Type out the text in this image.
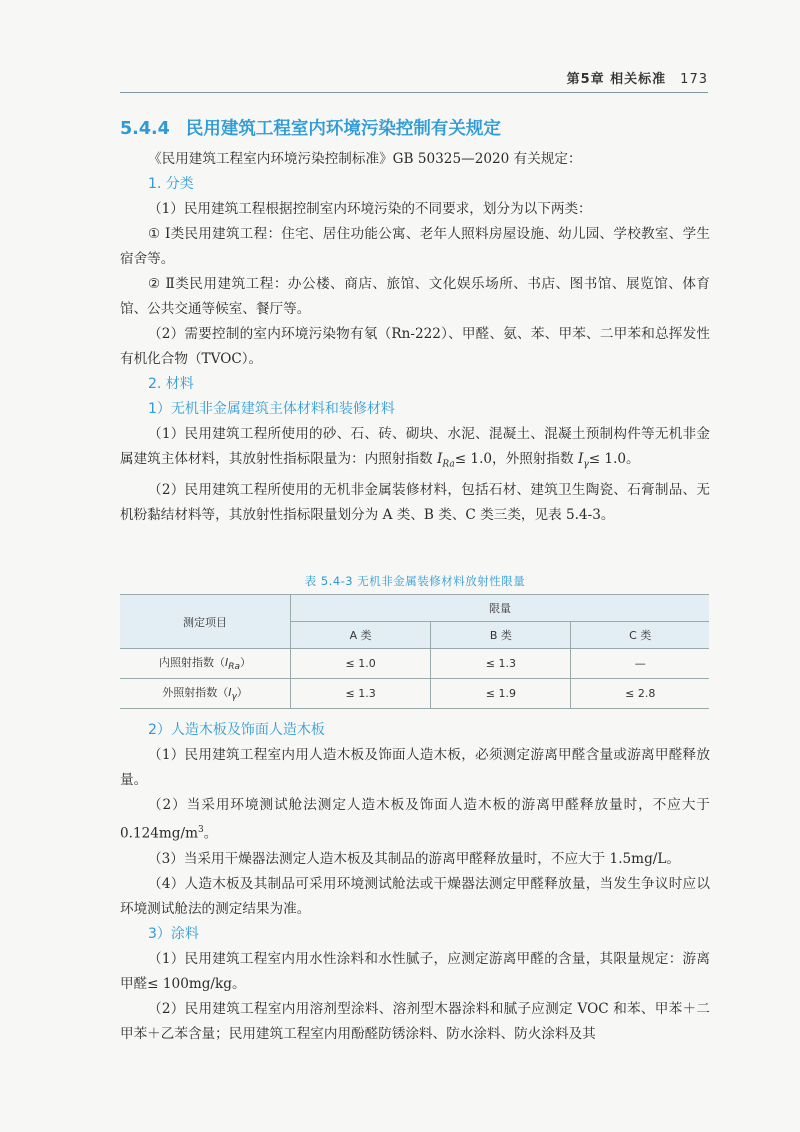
第5章 相关标准 173
5.4.4 民用建筑工程室内环境污染控制有关规定

《民用建筑工程室内环境污染控制标准》GB 50325—2020 有关规定：

1. 分类

（1）民用建筑工程根据控制室内环境污染的不同要求，划分为以下两类：

① Ⅰ类民用建筑工程：住宅、居住功能公寓、老年人照料房屋设施、幼儿园、学校教室、学生宿舍等。

② Ⅱ类民用建筑工程：办公楼、商店、旅馆、文化娱乐场所、书店、图书馆、展览馆、体育馆、公共交通等候室、餐厅等。

（2）需要控制的室内环境污染物有氡（Rn-222）、甲醛、氨、苯、甲苯、二甲苯和总挥发性有机化合物（TVOC）。

2. 材料

1）无机非金属建筑主体材料和装修材料

（1）民用建筑工程所使用的砂、石、砖、砌块、水泥、混凝土、混凝土预制构件等无机非金属建筑主体材料，其放射性指标限量为：内照射指数 $I_{Ra}\le 1.0$，外照射指数 $I_\gamma\le 1.0$。

（2）民用建筑工程所使用的无机非金属装修材料，包括石材、建筑卫生陶瓷、石膏制品、无机粉黏结材料等，其放射性指标限量划分为 A 类、B 类、C 类三类，见表 5.4-3。

表 5.4-3 无机非金属装修材料放射性限量
测定项目	限量		
	A 类	B 类	C 类
内照射指数$(I_{Ra})$	≤ 1.0	≤ 1.3	—
外照射指数$(I_\gamma)$	≤ 1.3	≤ 1.9	≤ 2.8

2）人造木板及饰面人造木板

（1）民用建筑工程室内用人造木板及饰面人造木板，必须测定游离甲醛含量或游离甲醛释放量。

（2）当采用环境测试舱法测定人造木板及饰面人造木板的游离甲醛释放量时，不应大于 $0.124mg/m^3$。

（3）当采用干燥器法测定人造木板及其制品的游离甲醛释放量时，不应大于 1.5mg/L。

（4）人造木板及其制品可采用环境测试舱法或干燥器法测定甲醛释放量，当发生争议时应以环境测试舱法的测定结果为准。

3）涂料

（1）民用建筑工程室内用水性涂料和水性腻子，应测定游离甲醛的含量，其限量规定：游离甲醛≤ 100mg/kg。

（2）民用建筑工程室内用溶剂型涂料、溶剂型木器涂料和腻子应测定 VOC 和苯、甲苯＋二甲苯＋乙苯含量；民用建筑工程室内用酚醛防锈涂料、防水涂料、防火涂料及其
